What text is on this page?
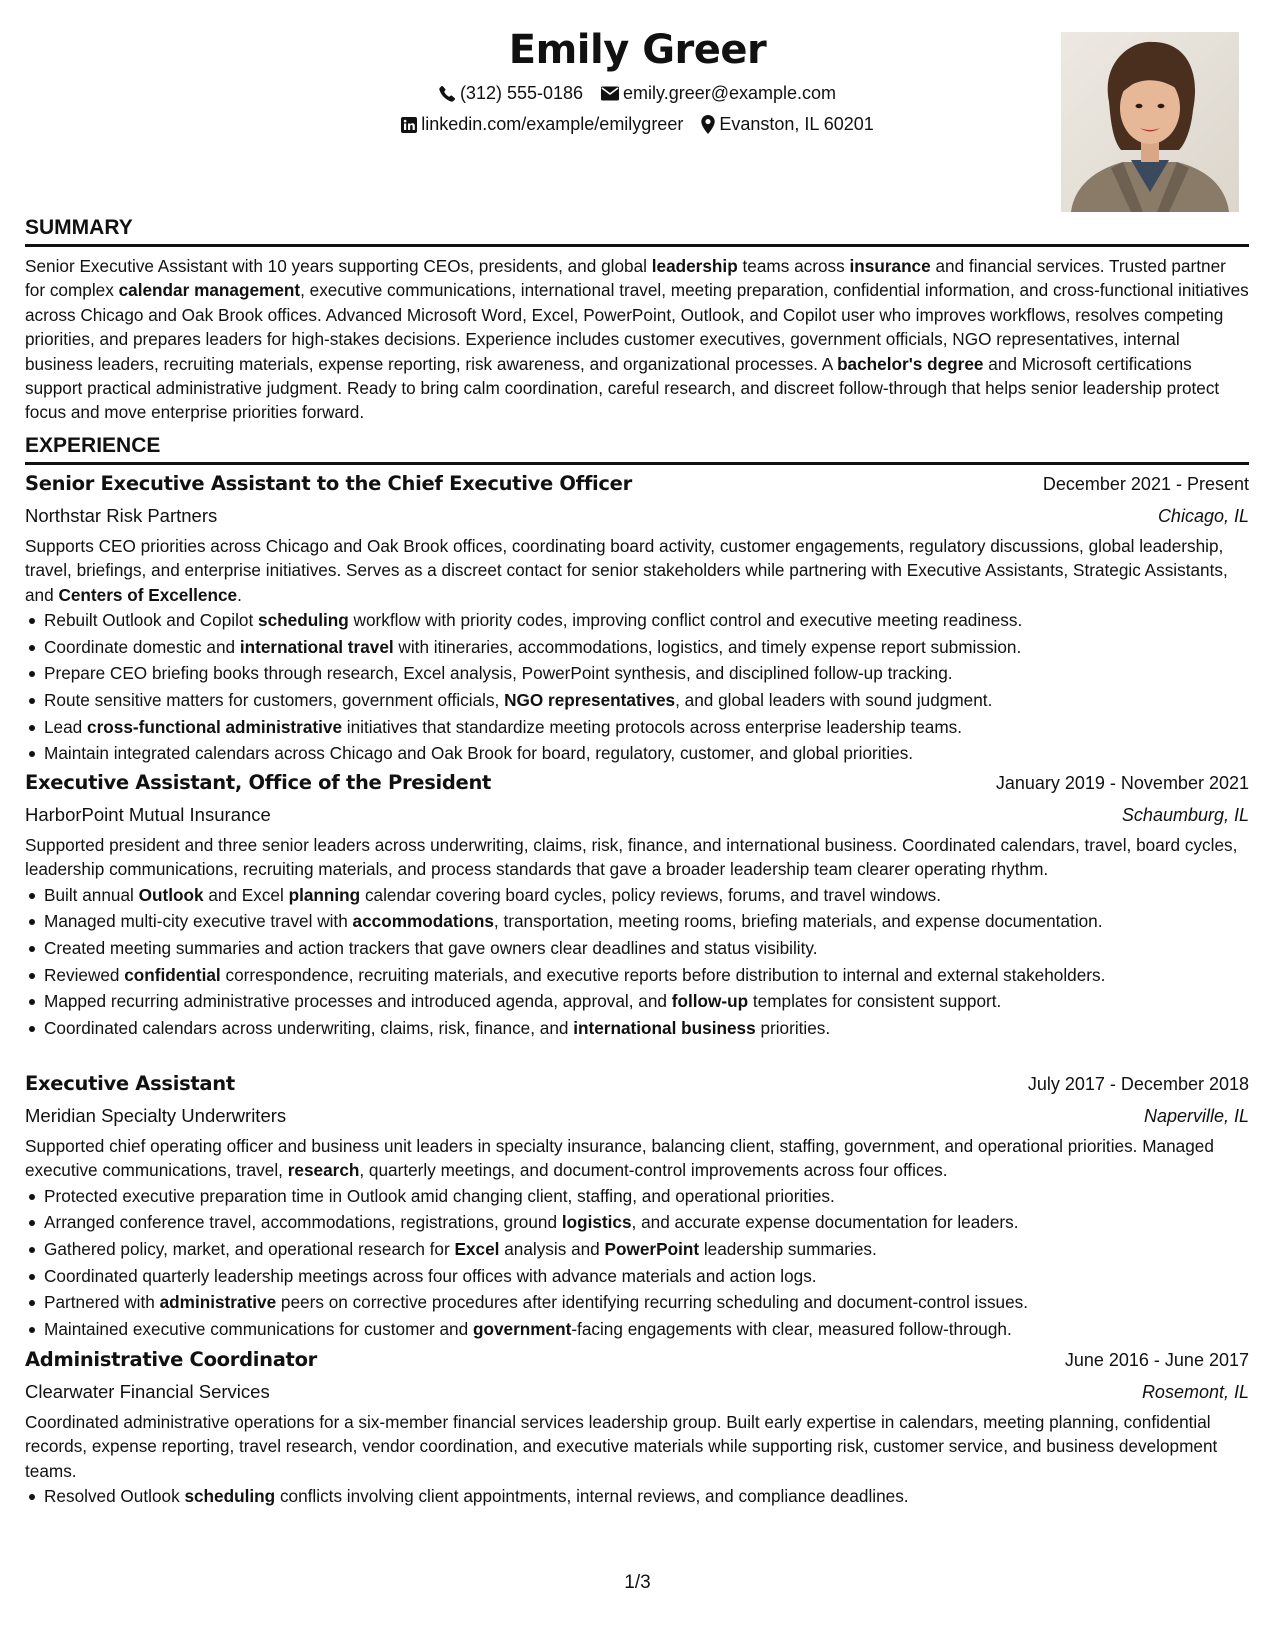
Emily Greer
(312) 555-0186 emily.greer@example.com
linkedin.com/example/emilygreer Evanston, IL 60201
SUMMARY

Senior Executive Assistant with 10 years supporting CEOs, presidents, and global leadership teams across insurance and financial services. Trusted partner for complex calendar management, executive communications, international travel, meeting preparation, confidential information, and cross-functional initiatives across Chicago and Oak Brook offices. Advanced Microsoft Word, Excel, PowerPoint, Outlook, and Copilot user who improves workflows, resolves competing priorities, and prepares leaders for high-stakes decisions. Experience includes customer executives, government officials, NGO representatives, internal business leaders, recruiting materials, expense reporting, risk awareness, and organizational processes. A bachelor's degree and Microsoft certifications support practical administrative judgment. Ready to bring calm coordination, careful research, and discreet follow-through that helps senior leadership protect focus and move enterprise priorities forward.

EXPERIENCE
Senior Executive Assistant to the Chief Executive Officer	December 2021 - Present
Northstar Risk Partners	Chicago, IL

Supports CEO priorities across Chicago and Oak Brook offices, coordinating board activity, customer engagements, regulatory discussions, global leadership, travel, briefings, and enterprise initiatives. Serves as a discreet contact for senior stakeholders while partnering with Executive Assistants, Strategic Assistants, and Centers of Excellence.

Rebuilt Outlook and Copilot scheduling workflow with priority codes, improving conflict control and executive meeting readiness.
Coordinate domestic and international travel with itineraries, accommodations, logistics, and timely expense report submission.
Prepare CEO briefing books through research, Excel analysis, PowerPoint synthesis, and disciplined follow-up tracking.
Route sensitive matters for customers, government officials, NGO representatives, and global leaders with sound judgment.
Lead cross-functional administrative initiatives that standardize meeting protocols across enterprise leadership teams.
Maintain integrated calendars across Chicago and Oak Brook for board, regulatory, customer, and global priorities.
Executive Assistant, Office of the President	January 2019 - November 2021
HarborPoint Mutual Insurance	Schaumburg, IL

Supported president and three senior leaders across underwriting, claims, risk, finance, and international business. Coordinated calendars, travel, board cycles, leadership communications, recruiting materials, and process standards that gave a broader leadership team clearer operating rhythm.

Built annual Outlook and Excel planning calendar covering board cycles, policy reviews, forums, and travel windows.
Managed multi-city executive travel with accommodations, transportation, meeting rooms, briefing materials, and expense documentation.
Created meeting summaries and action trackers that gave owners clear deadlines and status visibility.
Reviewed confidential correspondence, recruiting materials, and executive reports before distribution to internal and external stakeholders.
Mapped recurring administrative processes and introduced agenda, approval, and follow-up templates for consistent support.
Coordinated calendars across underwriting, claims, risk, finance, and international business priorities.
Executive Assistant	July 2017 - December 2018
Meridian Specialty Underwriters	Naperville, IL

Supported chief operating officer and business unit leaders in specialty insurance, balancing client, staffing, government, and operational priorities. Managed executive communications, travel, research, quarterly meetings, and document-control improvements across four offices.

Protected executive preparation time in Outlook amid changing client, staffing, and operational priorities.
Arranged conference travel, accommodations, registrations, ground logistics, and accurate expense documentation for leaders.
Gathered policy, market, and operational research for Excel analysis and PowerPoint leadership summaries.
Coordinated quarterly leadership meetings across four offices with advance materials and action logs.
Partnered with administrative peers on corrective procedures after identifying recurring scheduling and document-control issues.
Maintained executive communications for customer and government-facing engagements with clear, measured follow-through.
Administrative Coordinator	June 2016 - June 2017
Clearwater Financial Services	Rosemont, IL

Coordinated administrative operations for a six-member financial services leadership group. Built early expertise in calendars, meeting planning, confidential records, expense reporting, travel research, vendor coordination, and executive materials while supporting risk, customer service, and business development teams.

Resolved Outlook scheduling conflicts involving client appointments, internal reviews, and compliance deadlines.
1/3
